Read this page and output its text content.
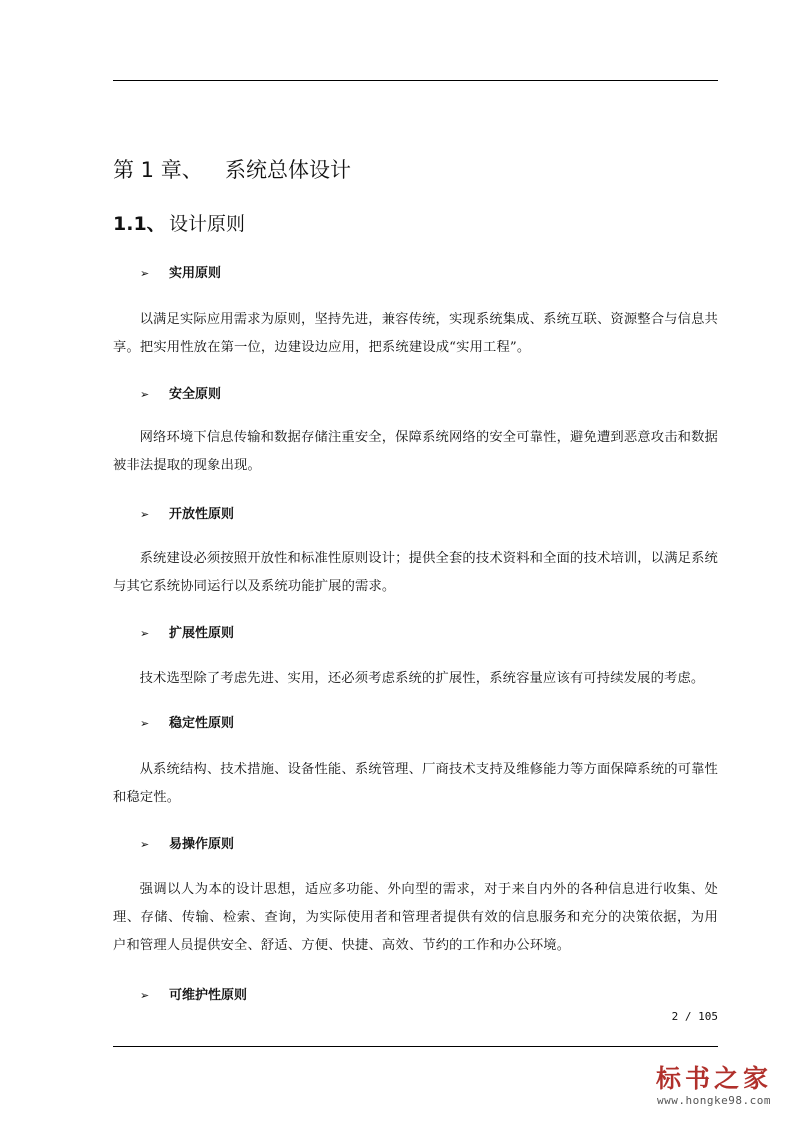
第 1 章、 系统总体设计
1.1、 设计原则
➢ 实用原则

以满足实际应用需求为原则，坚持先进，兼容传统，实现系统集成、系统互联、资源整合与信息共享。把实用性放在第一位，边建设边应用，把系统建设成“实用工程”。

➢ 安全原则

网络环境下信息传输和数据存储注重安全，保障系统网络的安全可靠性，避免遭到恶意攻击和数据被非法提取的现象出现。

➢ 开放性原则

系统建设必须按照开放性和标准性原则设计；提供全套的技术资料和全面的技术培训，以满足系统与其它系统协同运行以及系统功能扩展的需求。

➢ 扩展性原则

技术选型除了考虑先进、实用，还必须考虑系统的扩展性，系统容量应该有可持续发展的考虑。

➢ 稳定性原则

从系统结构、技术措施、设备性能、系统管理、厂商技术支持及维修能力等方面保障系统的可靠性和稳定性。

➢ 易操作原则

强调以人为本的设计思想，适应多功能、外向型的需求，对于来自内外的各种信息进行收集、处理、存储、传输、检索、查询，为实际使用者和管理者提供有效的信息服务和充分的决策依据，为用户和管理人员提供安全、舒适、方便、快捷、高效、节约的工作和办公环境。

➢ 可维护性原则
2 / 105
标书之家
www.hongke98.com
